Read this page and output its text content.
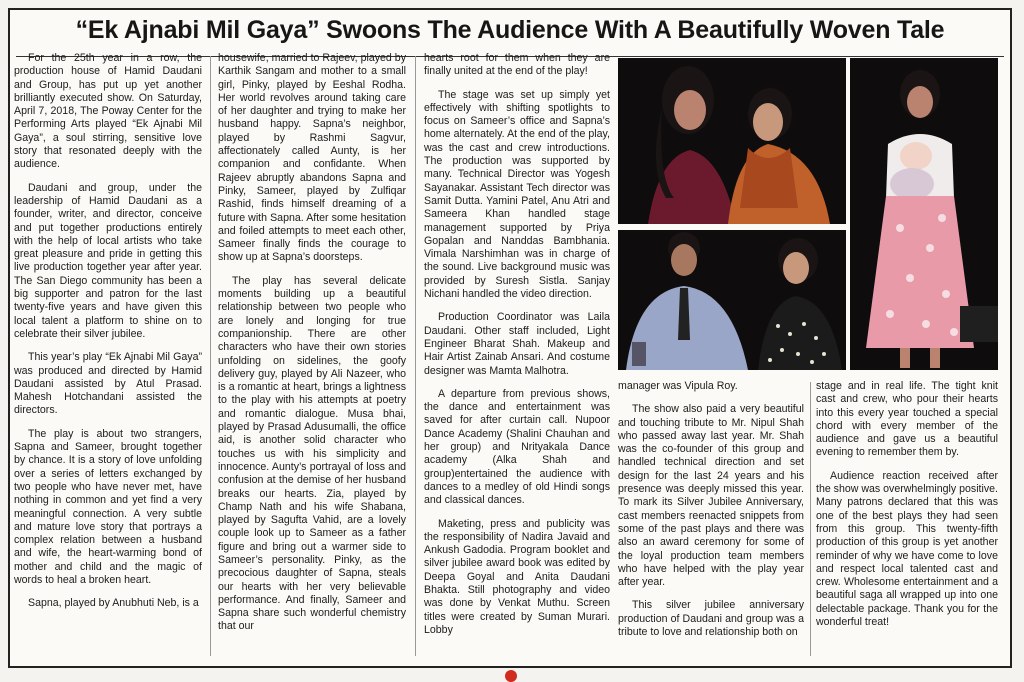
“Ek Ajnabi Mil Gaya” Swoons The Audience With A Beautifully Woven Tale

For the 25th year in a row, the production house of Hamid Daudani and Group, has put up yet another brilliantly executed show. On Saturday, April 7, 2018, The Poway Center for the Performing Arts played “Ek Ajnabi Mil Gaya”, a soul stirring, sensitive love story that resonated deeply with the audience.

Daudani and group, under the leadership of Hamid Daudani as a founder, writer, and director, conceive and put together productions entirely with the help of local artists who take great pleasure and pride in getting this live production together year after year. The San Diego community has been a big supporter and patron for the last twenty-five years and have given this local talent a platform to shine on to celebrate their silver jubilee.

This year’s play “Ek Ajnabi Mil Gaya” was produced and directed by Hamid Daudani assisted by Atul Prasad. Mahesh Hotchandani assisted the directors.

The play is about two strangers, Sapna and Sameer, brought together by chance. It is a story of love unfolding over a series of letters exchanged by two people who have never met, have nothing in common and yet find a very meaningful connection. A very subtle and mature love story that portrays a complex relation between a husband and wife, the heart-warming bond of mother and child and the magic of words to heal a broken heart.

Sapna, played by Anubhuti Neb, is a

housewife, married to Rajeev, played by Karthik Sangam and mother to a small girl, Pinky, played by Eeshal Rodha. Her world revolves around taking care of her daughter and trying to make her husband happy. Sapna’s neighbor, played by Rashmi Sagvur, affectionately called Aunty, is her companion and confidante. When Rajeev abruptly abandons Sapna and Pinky, Sameer, played by Zulfiqar Rashid, finds himself dreaming of a future with Sapna. After some hesitation and foiled attempts to meet each other, Sameer finally finds the courage to show up at Sapna’s doorsteps.

The play has several delicate moments building up a beautiful relationship between two people who are lonely and longing for true companionship. There are other characters who have their own stories unfolding on sidelines, the goofy delivery guy, played by Ali Nazeer, who is a romantic at heart, brings a lightness to the play with his attempts at poetry and romantic dialogue. Musa bhai, played by Prasad Adusumalli, the office aid, is another solid character who touches us with his simplicity and innocence. Aunty’s portrayal of loss and confusion at the demise of her husband breaks our hearts. Zia, played by Champ Nath and his wife Shabana, played by Sagufta Vahid, are a lovely couple look up to Sameer as a father figure and bring out a warmer side to Sameer’s personality. Pinky, as the precocious daughter of Sapna, steals our hearts with her very believable performance. And finally, Sameer and Sapna share such wonderful chemistry that our

hearts root for them when they are finally united at the end of the play!

The stage was set up simply yet effectively with shifting spotlights to focus on Sameer’s office and Sapna’s home alternately. At the end of the play, was the cast and crew introductions. The production was supported by many. Technical Director was Yogesh Sayanakar. Assistant Tech director was Samit Dutta. Yamini Patel, Anu Atri and Sameera Khan handled stage management supported by Priya Gopalan and Nanddas Bambhania. Vimala Narshimhan was in charge of the sound. Live background music was provided by Suresh Sistla. Sanjay Nichani handled the video direction.

Production Coordinator was Laila Daudani. Other staff included, Light Engineer Bharat Shah. Makeup and Hair Artist Zainab Ansari. And costume designer was Mamta Malhotra.

A departure from previous shows, the dance and entertainment was saved for after curtain call. Nupoor Dance Academy (Shalini Chauhan and her group) and Nrityakala Dance academy (Alka Shah and group)entertained the audience with dances to a medley of old Hindi songs and classical dances.

Maketing, press and publicity was the responsibility of Nadira Javaid and Ankush Gadodia. Program booklet and silver jubilee award book was edited by Deepa Goyal and Anita Daudani Bhakta. Still photography and video was done by Venkat Muthu. Screen titles were created by Suman Murari. Lobby

manager was Vipula Roy.

The show also paid a very beautiful and touching tribute to Mr. Nipul Shah who passed away last year. Mr. Shah was the co-founder of this group and handled technical direction and set design for the last 24 years and his presence was deeply missed this year. To mark its Silver Jubilee Anniversary, cast members reenacted snippets from some of the past plays and there was also an award ceremony for some of the loyal production team members who have helped with the play year after year.

This silver jubilee anniversary production of Daudani and group was a tribute to love and relationship both on

stage and in real life. The tight knit cast and crew, who pour their hearts into this every year touched a special chord with every member of the audience and gave us a beautiful evening to remember them by.

Audience reaction received after the show was overwhelmingly positive. Many patrons declared that this was one of the best plays they had seen from this group. This twenty-fifth production of this group is yet another reminder of why we have come to love and respect local talented cast and crew. Wholesome entertainment and a beautiful saga all wrapped up into one delectable package. Thank you for the wonderful treat!
